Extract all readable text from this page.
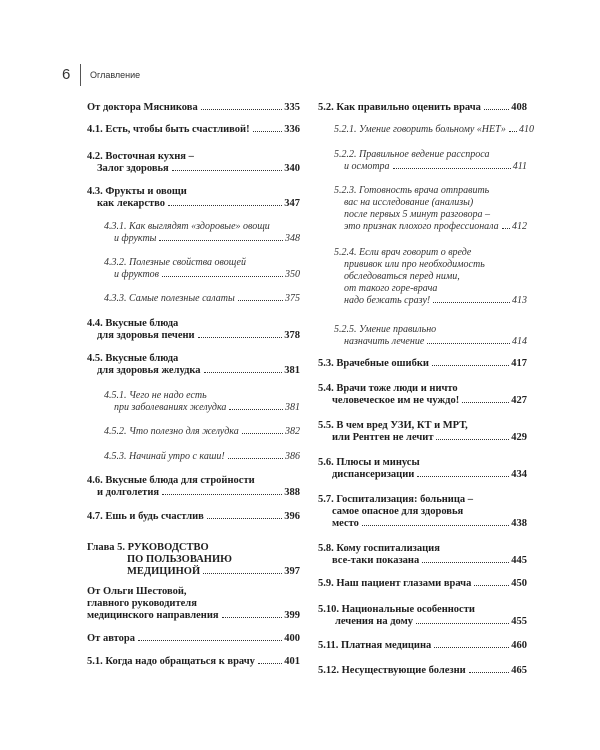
6 Оглавление
От доктора Мясникова	335
4.1. Есть, чтобы быть счастливой!	336
4.2. Восточная кухня –
Залог здоровья	340
4.3. Фрукты и овощи
как лекарство	347
4.3.1. Как выглядят «здоровые» овощи
и фрукты	348
4.3.2. Полезные свойства овощей
и фруктов	350
4.3.3. Самые полезные салаты	375
4.4. Вкусные блюда
для здоровья печени	378
4.5. Вкусные блюда
для здоровья желудка	381
4.5.1. Чего не надо есть
при заболеваниях желудка	381
4.5.2. Что полезно для желудка	382
4.5.3. Начинай утро с каши!	386
4.6. Вкусные блюда для стройности
и долголетия	388
4.7. Ешь и будь счастлив	396
Глава 5. РУКОВОДСТВО
ПО ПОЛЬЗОВАНИЮ
МЕДИЦИНОЙ	397
От Ольги Шестовой,
главного руководителя
медицинского направления	399
От автора	400
5.1. Когда надо обращаться к врачу	401
5.2. Как правильно оценить врача	408
5.2.1. Умение говорить больному «НЕТ» 410
5.2.2. Правильное ведение расспроса
и осмотра	411
5.2.3. Готовность врача отправить
вас на исследование (анализы)
после первых 5 минут разговора –
это признак плохого профессионала 412
5.2.4. Если врач говорит о вреде
прививок или про необходимость
обследоваться перед ними,
от такого горе-врача
надо бежать сразу!	413
5.2.5. Умение правильно
назначить лечение	414
5.3. Врачебные ошибки	417
5.4. Врачи тоже люди и ничто
человеческое им не чуждо!	427
5.5. В чем вред УЗИ, КТ и МРТ,
или Рентген не лечит	429
5.6. Плюсы и минусы
диспансеризации	434
5.7. Госпитализация: больница –
самое опасное для здоровья
место	438
5.8. Кому госпитализация
все-таки показана	445
5.9. Наш пациент глазами врача	450
5.10. Национальные особенности
лечения на дому	455
5.11. Платная медицина	460
5.12. Несуществующие болезни	465
